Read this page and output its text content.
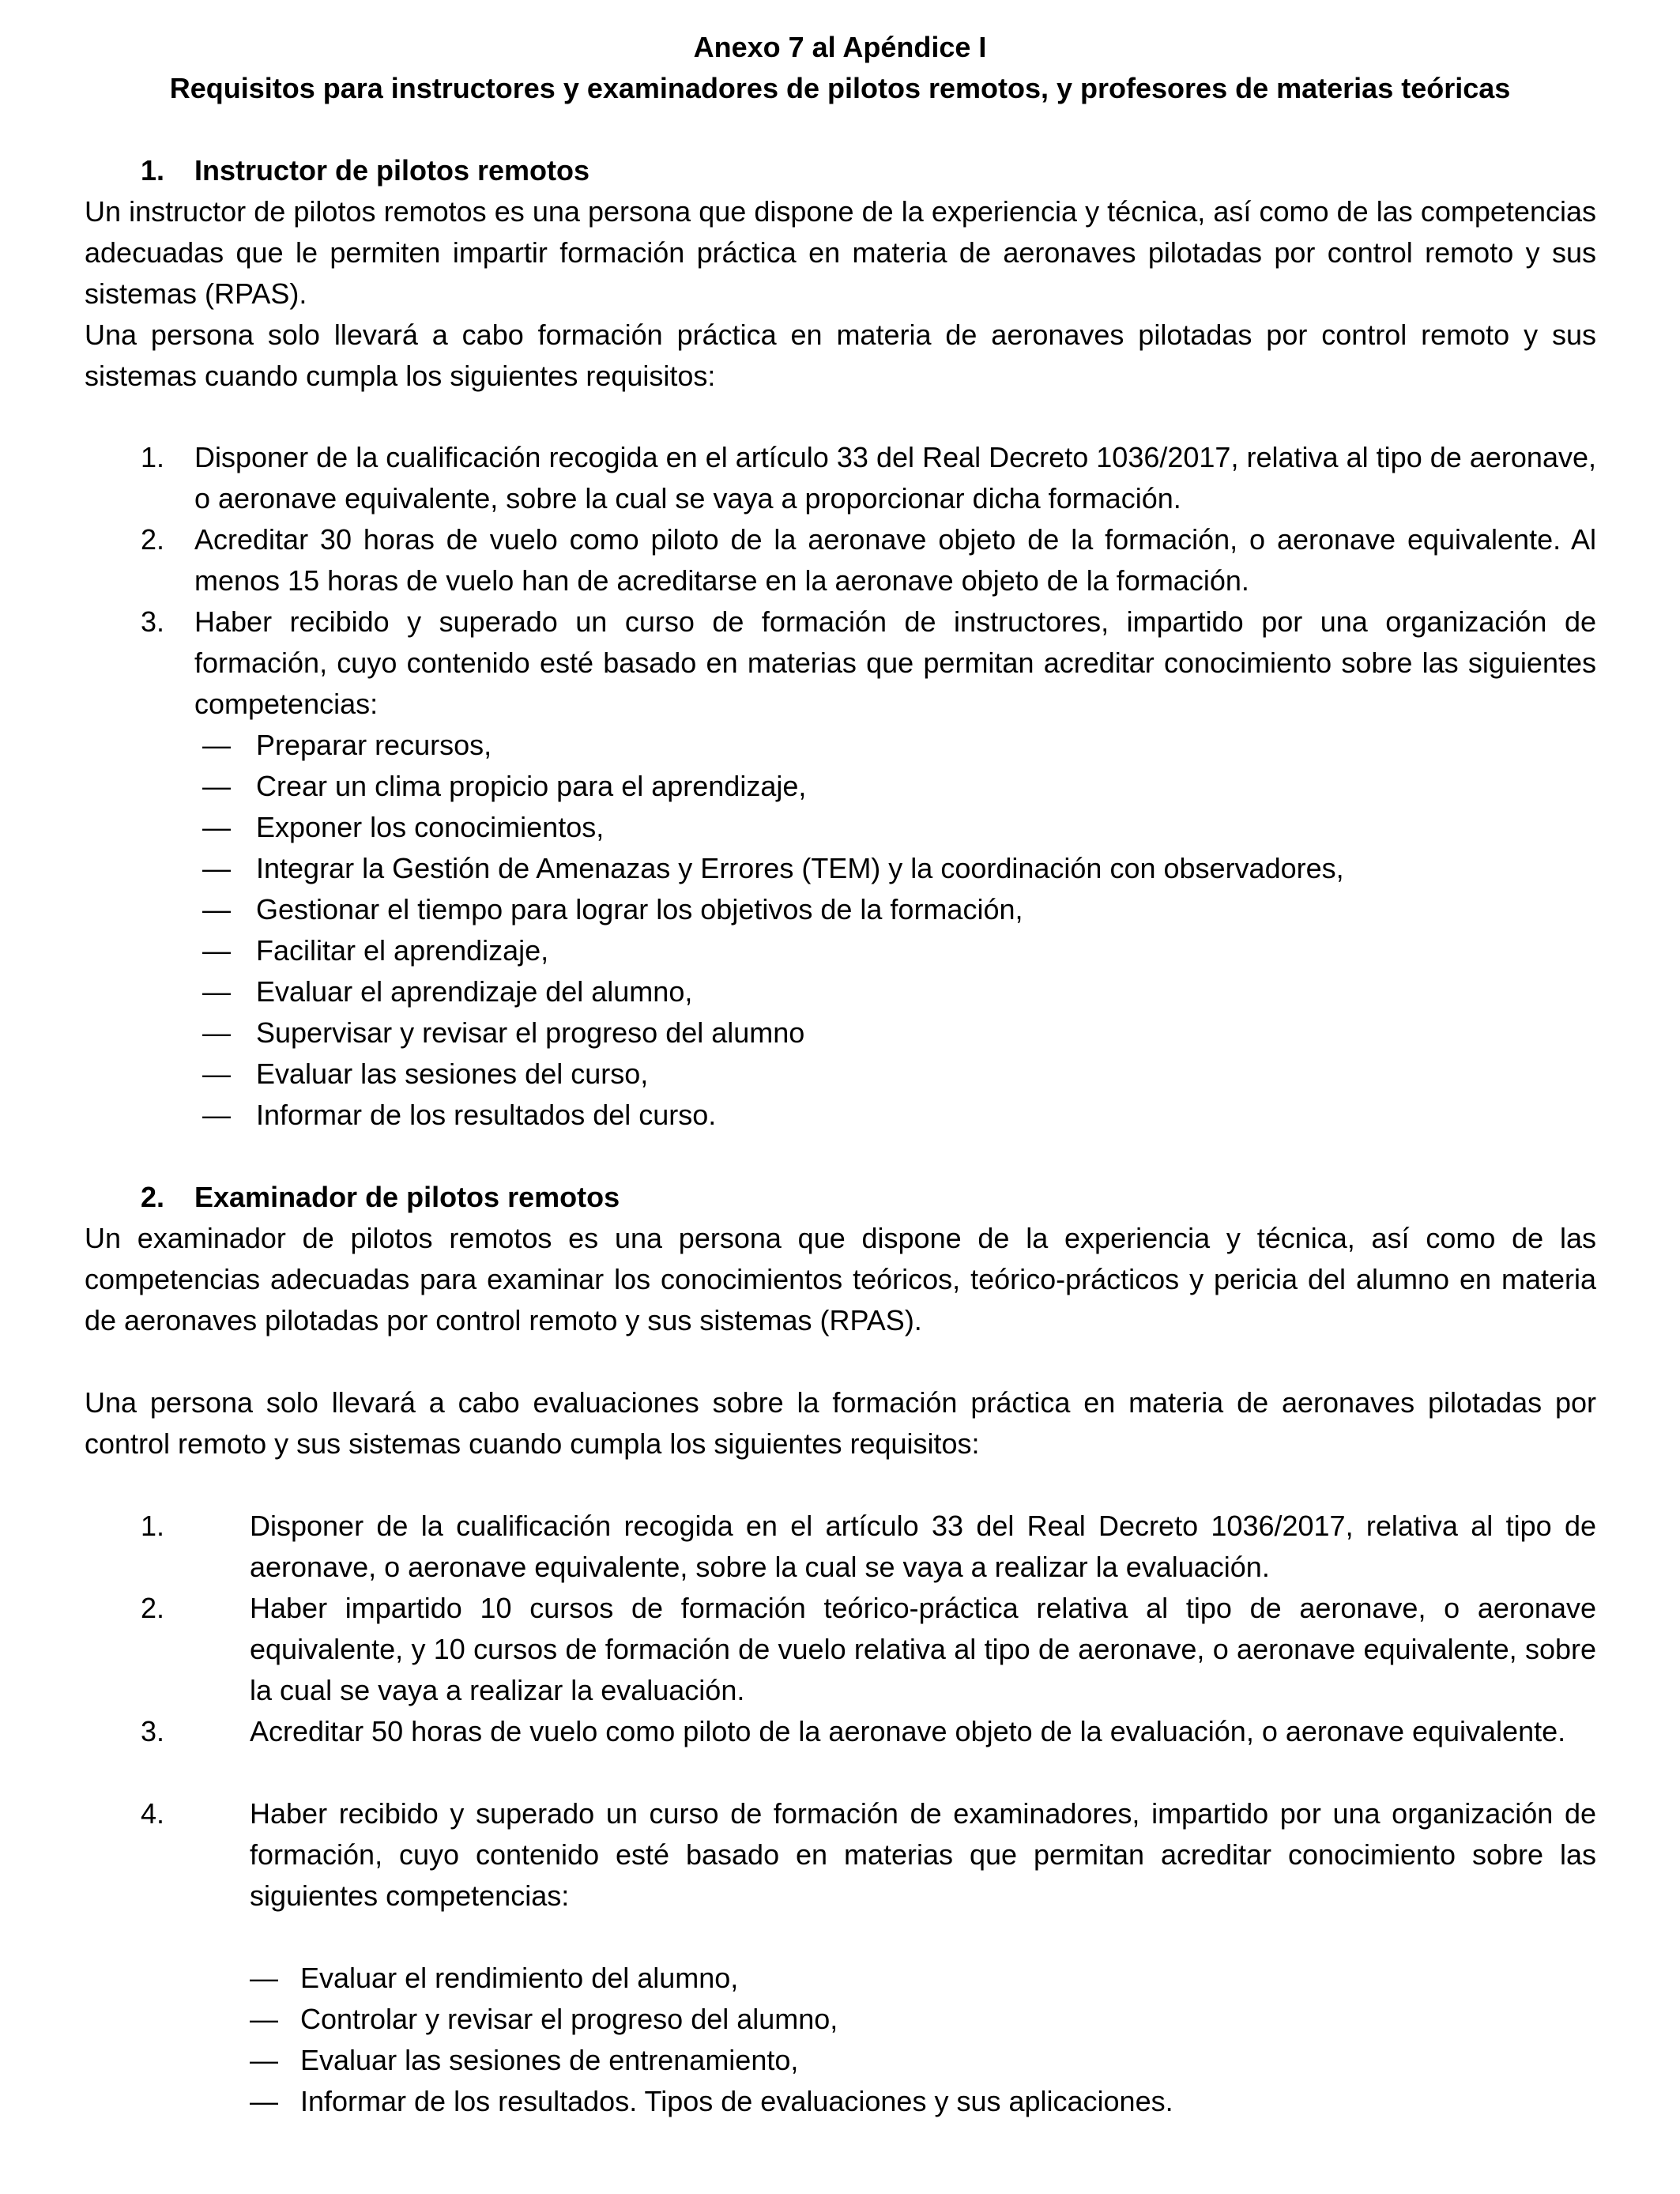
Anexo 7 al Apéndice I
Requisitos para instructores y examinadores de pilotos remotos, y profesores de materias teóricas
1. Instructor de pilotos remotos
Un instructor de pilotos remotos es una persona que dispone de la experiencia y técnica, así como de las competencias adecuadas que le permiten impartir formación práctica en materia de aeronaves pilotadas por control remoto y sus sistemas (RPAS).
Una persona solo llevará a cabo formación práctica en materia de aeronaves pilotadas por control remoto y sus sistemas cuando cumpla los siguientes requisitos:
1. Disponer de la cualificación recogida en el artículo 33 del Real Decreto 1036/2017, relativa al tipo de aeronave, o aeronave equivalente, sobre la cual se vaya a proporcionar dicha formación.
2. Acreditar 30 horas de vuelo como piloto de la aeronave objeto de la formación, o aeronave equivalente. Al menos 15 horas de vuelo han de acreditarse en la aeronave objeto de la formación.
3. Haber recibido y superado un curso de formación de instructores, impartido por una organización de formación, cuyo contenido esté basado en materias que permitan acreditar conocimiento sobre las siguientes competencias:
— Preparar recursos,
— Crear un clima propicio para el aprendizaje,
— Exponer los conocimientos,
— Integrar la Gestión de Amenazas y Errores (TEM) y la coordinación con observadores,
— Gestionar el tiempo para lograr los objetivos de la formación,
— Facilitar el aprendizaje,
— Evaluar el aprendizaje del alumno,
— Supervisar y revisar el progreso del alumno
— Evaluar las sesiones del curso,
— Informar de los resultados del curso.
2. Examinador de pilotos remotos
Un examinador de pilotos remotos es una persona que dispone de la experiencia y técnica, así como de las competencias adecuadas para examinar los conocimientos teóricos, teórico-prácticos y pericia del alumno en materia de aeronaves pilotadas por control remoto y sus sistemas (RPAS).
Una persona solo llevará a cabo evaluaciones sobre la formación práctica en materia de aeronaves pilotadas por control remoto y sus sistemas cuando cumpla los siguientes requisitos:
1.	Disponer de la cualificación recogida en el artículo 33 del Real Decreto 1036/2017, relativa al tipo de aeronave, o aeronave equivalente, sobre la cual se vaya a realizar la evaluación.
2.	Haber impartido 10 cursos de formación teórico-práctica relativa al tipo de aeronave, o aeronave equivalente, y 10 cursos de formación de vuelo relativa al tipo de aeronave, o aeronave equivalente, sobre la cual se vaya a realizar la evaluación.
3.	Acreditar 50 horas de vuelo como piloto de la aeronave objeto de la evaluación, o aeronave equivalente.
4.	Haber recibido y superado un curso de formación de examinadores, impartido por una organización de formación, cuyo contenido esté basado en materias que permitan acreditar conocimiento sobre las siguientes competencias:
— Evaluar el rendimiento del alumno,
— Controlar y revisar el progreso del alumno,
— Evaluar las sesiones de entrenamiento,
— Informar de los resultados. Tipos de evaluaciones y sus aplicaciones.
